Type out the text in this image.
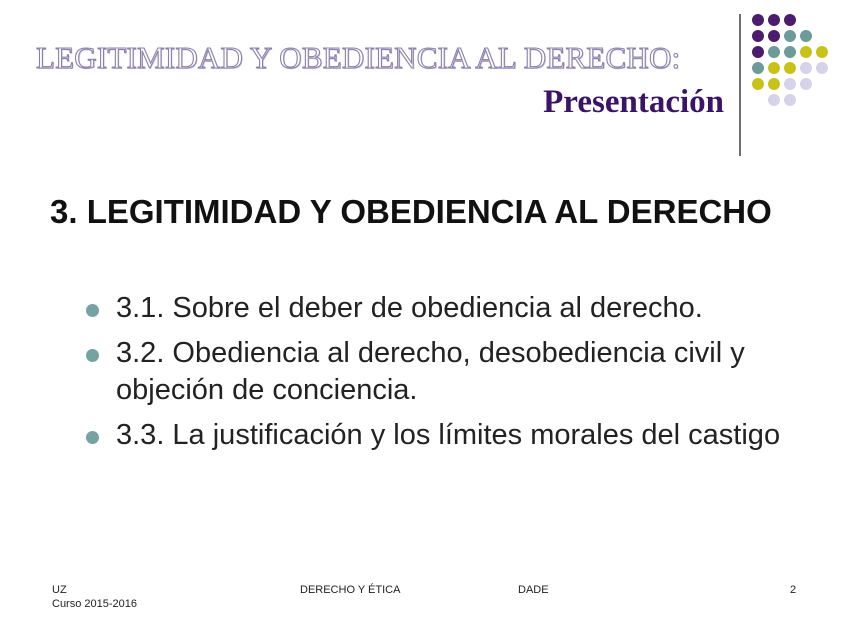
LEGITIMIDAD Y OBEDIENCIA AL DERECHO:
Presentación
3. LEGITIMIDAD Y OBEDIENCIA AL DERECHO
3.1. Sobre el deber de obediencia al derecho.
3.2. Obediencia al derecho, desobediencia civil y objeción de conciencia.
3.3. La justificación y los límites morales del castigo
UZ
Curso 2015-2016
DERECHO Y ÉTICA	DADE	2
